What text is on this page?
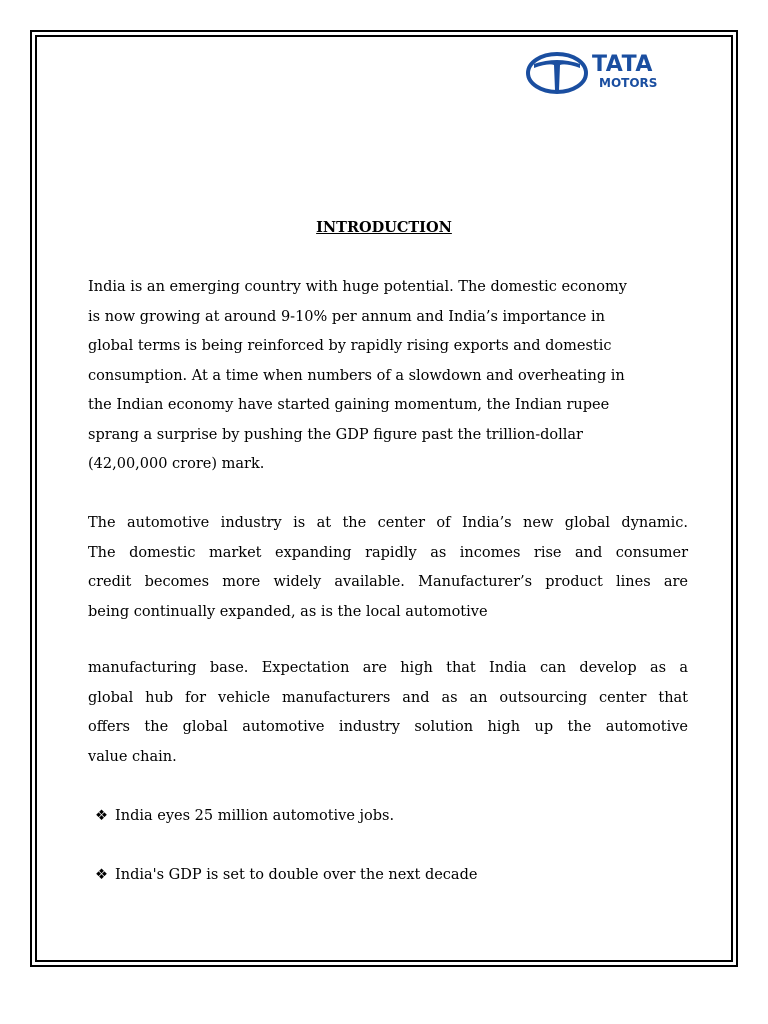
TATA
MOTORS
INTRODUCTION
India is an emerging country with huge potential. The domestic economy
is now growing at around 9-10% per annum and India’s importance in
global terms is being reinforced by rapidly rising exports and domestic
consumption. At a time when numbers of a slowdown and overheating in
the Indian economy have started gaining momentum, the Indian rupee
sprang a surprise by pushing the GDP figure past the trillion-dollar
(42,00,000 crore) mark.
The automotive industry is at the center of India’s new global dynamic.
The domestic market expanding rapidly as incomes rise and consumer
credit becomes more widely available. Manufacturer’s product lines are
being continually expanded, as is the local automotive
manufacturing base. Expectation are high that India can develop as a
global hub for vehicle manufacturers and as an outsourcing center that
offers the global automotive industry solution high up the automotive
value chain.
❖ India eyes 25 million automotive jobs.
❖ India's GDP is set to double over the next decade
